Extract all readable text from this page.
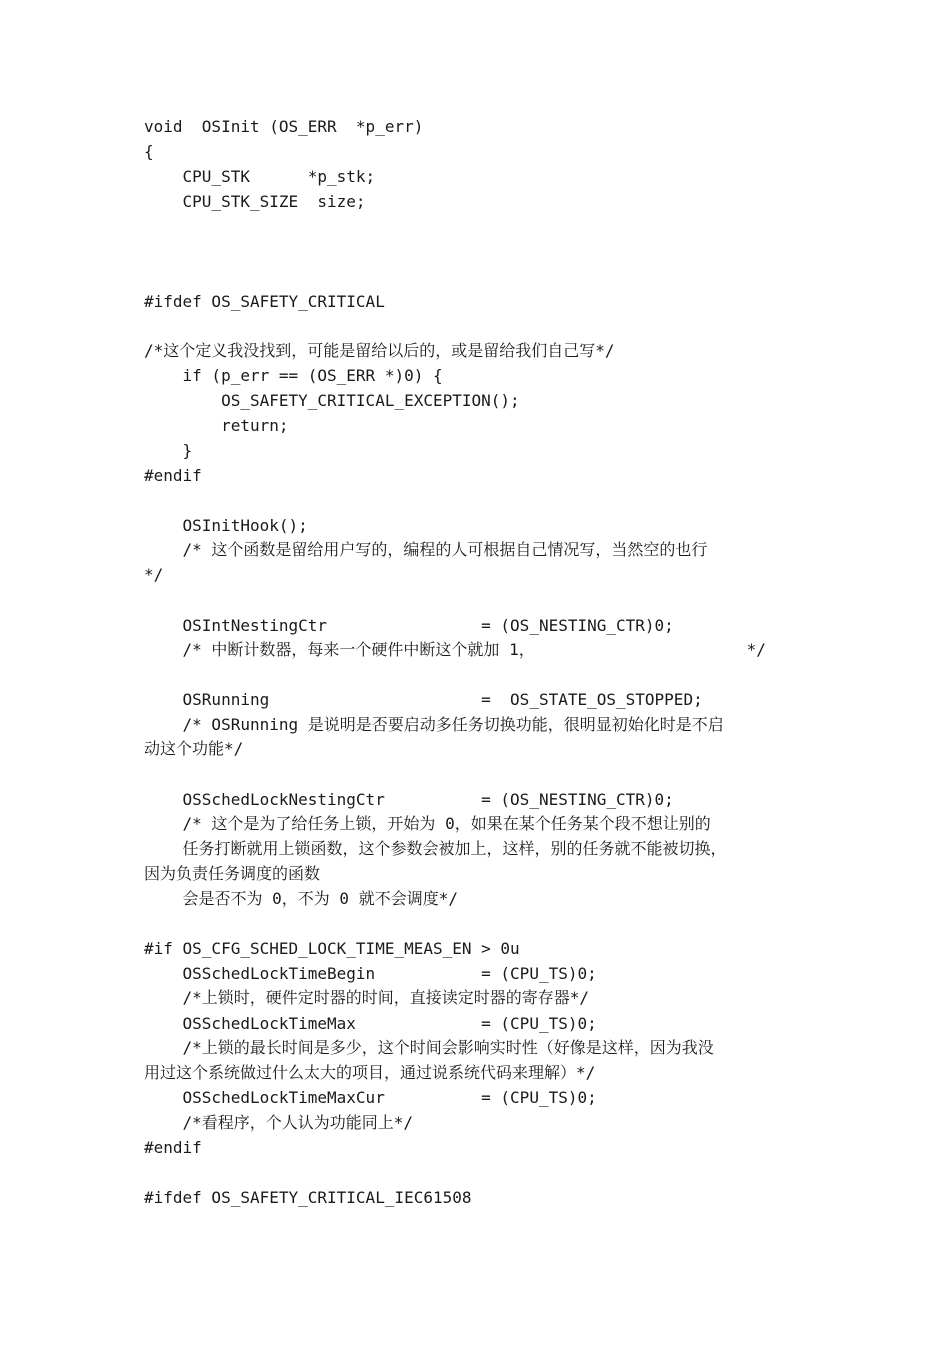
void  OSInit (OS_ERR  *p_err)
{
CPU_STK      *p_stk;
CPU_STK_SIZE  size;
#ifdef OS_SAFETY_CRITICAL
/*这个定义我没找到，可能是留给以后的，或是留给我们自己写*/
if (p_err == (OS_ERR *)0) {
OS_SAFETY_CRITICAL_EXCEPTION();
return;
}
#endif
OSInitHook();
/* 这个函数是留给用户写的，编程的人可根据自己情况写，当然空的也行
*/
OSIntNestingCtr                = (OS_NESTING_CTR)0;
/* 中断计数器，每来一个硬件中断这个就加 1，                      */
OSRunning                      =  OS_STATE_OS_STOPPED;
/* OSRunning 是说明是否要启动多任务切换功能，很明显初始化时是不启
动这个功能*/
OSSchedLockNestingCtr          = (OS_NESTING_CTR)0;
/* 这个是为了给任务上锁，开始为 0，如果在某个任务某个段不想让别的
任务打断就用上锁函数，这个参数会被加上，这样，别的任务就不能被切换，
因为负责任务调度的函数
会是否不为 0，不为 0 就不会调度*/
#if OS_CFG_SCHED_LOCK_TIME_MEAS_EN > 0u
OSSchedLockTimeBegin           = (CPU_TS)0;
/*上锁时，硬件定时器的时间，直接读定时器的寄存器*/
OSSchedLockTimeMax             = (CPU_TS)0;
/*上锁的最长时间是多少，这个时间会影响实时性（好像是这样，因为我没
用过这个系统做过什么太大的项目，通过说系统代码来理解）*/
OSSchedLockTimeMaxCur          = (CPU_TS)0;
/*看程序，个人认为功能同上*/
#endif
#ifdef OS_SAFETY_CRITICAL_IEC61508
